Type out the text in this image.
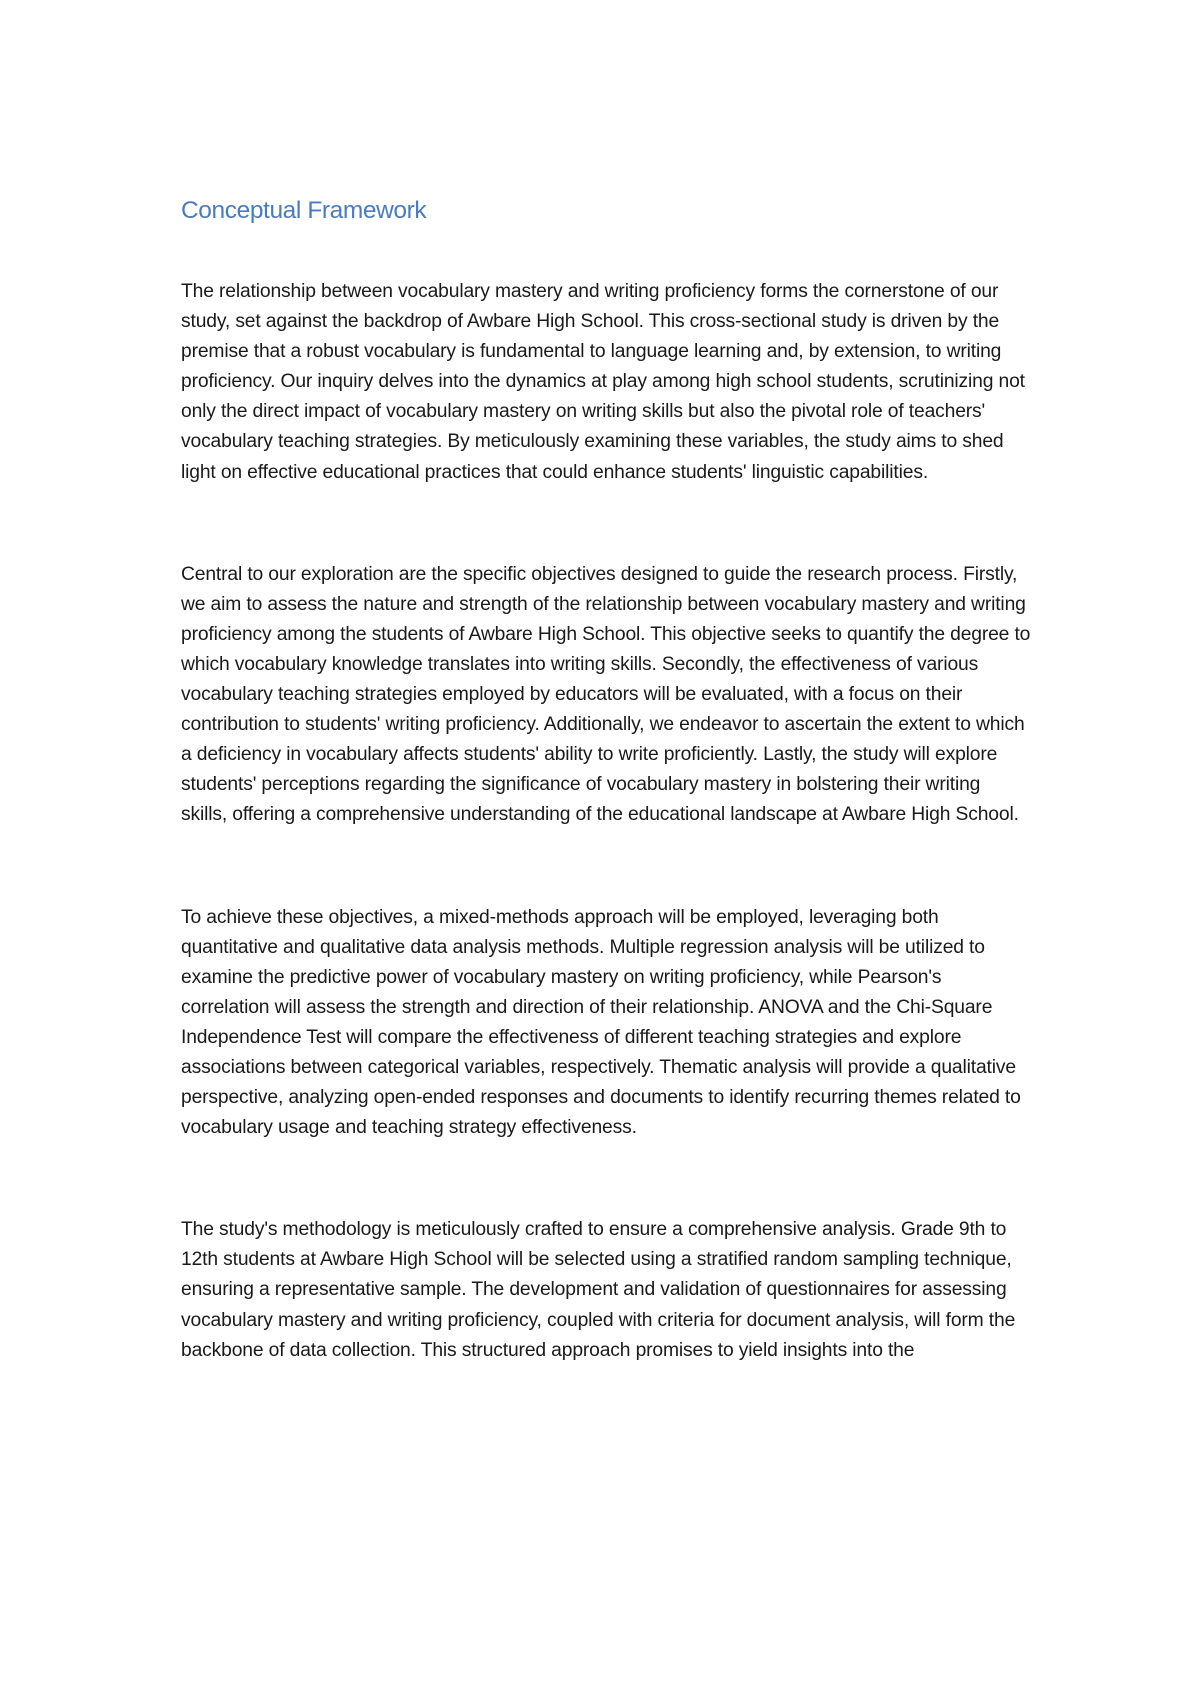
Conceptual Framework

The relationship between vocabulary mastery and writing proficiency forms the cornerstone of our study, set against the backdrop of Awbare High School. This cross-sectional study is driven by the premise that a robust vocabulary is fundamental to language learning and, by extension, to writing proficiency. Our inquiry delves into the dynamics at play among high school students, scrutinizing not only the direct impact of vocabulary mastery on writing skills but also the pivotal role of teachers' vocabulary teaching strategies. By meticulously examining these variables, the study aims to shed light on effective educational practices that could enhance students' linguistic capabilities.

Central to our exploration are the specific objectives designed to guide the research process. Firstly, we aim to assess the nature and strength of the relationship between vocabulary mastery and writing proficiency among the students of Awbare High School. This objective seeks to quantify the degree to which vocabulary knowledge translates into writing skills. Secondly, the effectiveness of various vocabulary teaching strategies employed by educators will be evaluated, with a focus on their contribution to students' writing proficiency. Additionally, we endeavor to ascertain the extent to which a deficiency in vocabulary affects students' ability to write proficiently. Lastly, the study will explore students' perceptions regarding the significance of vocabulary mastery in bolstering their writing skills, offering a comprehensive understanding of the educational landscape at Awbare High School.

To achieve these objectives, a mixed-methods approach will be employed, leveraging both quantitative and qualitative data analysis methods. Multiple regression analysis will be utilized to examine the predictive power of vocabulary mastery on writing proficiency, while Pearson's correlation will assess the strength and direction of their relationship. ANOVA and the Chi-Square Independence Test will compare the effectiveness of different teaching strategies and explore associations between categorical variables, respectively. Thematic analysis will provide a qualitative perspective, analyzing open-ended responses and documents to identify recurring themes related to vocabulary usage and teaching strategy effectiveness.

The study's methodology is meticulously crafted to ensure a comprehensive analysis. Grade 9th to 12th students at Awbare High School will be selected using a stratified random sampling technique, ensuring a representative sample. The development and validation of questionnaires for assessing vocabulary mastery and writing proficiency, coupled with criteria for document analysis, will form the backbone of data collection. This structured approach promises to yield insights into the
